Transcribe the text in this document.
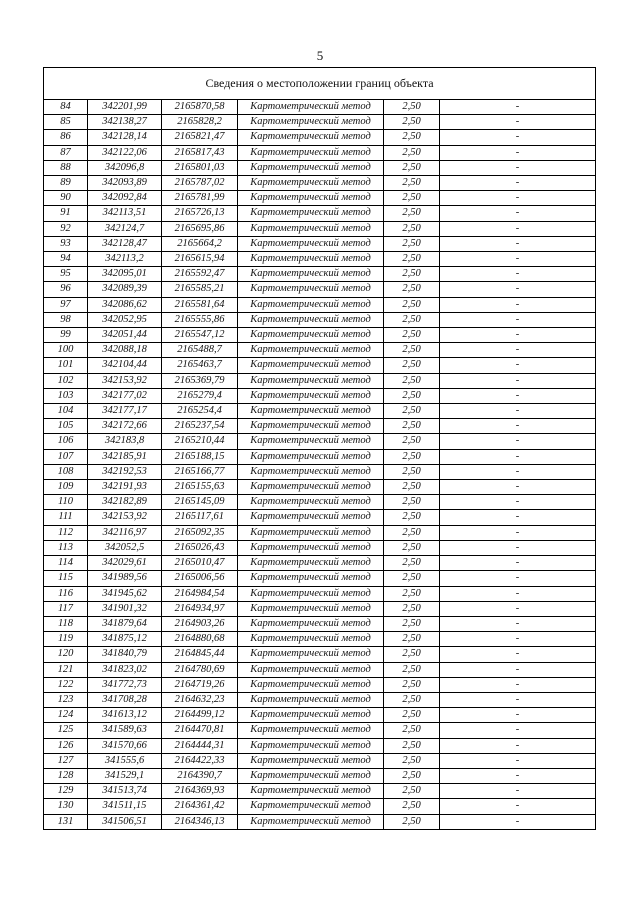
5
Сведения о местоположении границ объекта					
84	342201,99	2165870,58	Картометрический метод	2,50	-
85	342138,27	2165828,2	Картометрический метод	2,50	-
86	342128,14	2165821,47	Картометрический метод	2,50	-
87	342122,06	2165817,43	Картометрический метод	2,50	-
88	342096,8	2165801,03	Картометрический метод	2,50	-
89	342093,89	2165787,02	Картометрический метод	2,50	-
90	342092,84	2165781,99	Картометрический метод	2,50	-
91	342113,51	2165726,13	Картометрический метод	2,50	-
92	342124,7	2165695,86	Картометрический метод	2,50	-
93	342128,47	2165664,2	Картометрический метод	2,50	-
94	342113,2	2165615,94	Картометрический метод	2,50	-
95	342095,01	2165592,47	Картометрический метод	2,50	-
96	342089,39	2165585,21	Картометрический метод	2,50	-
97	342086,62	2165581,64	Картометрический метод	2,50	-
98	342052,95	2165555,86	Картометрический метод	2,50	-
99	342051,44	2165547,12	Картометрический метод	2,50	-
100	342088,18	2165488,7	Картометрический метод	2,50	-
101	342104,44	2165463,7	Картометрический метод	2,50	-
102	342153,92	2165369,79	Картометрический метод	2,50	-
103	342177,02	2165279,4	Картометрический метод	2,50	-
104	342177,17	2165254,4	Картометрический метод	2,50	-
105	342172,66	2165237,54	Картометрический метод	2,50	-
106	342183,8	2165210,44	Картометрический метод	2,50	-
107	342185,91	2165188,15	Картометрический метод	2,50	-
108	342192,53	2165166,77	Картометрический метод	2,50	-
109	342191,93	2165155,63	Картометрический метод	2,50	-
110	342182,89	2165145,09	Картометрический метод	2,50	-
111	342153,92	2165117,61	Картометрический метод	2,50	-
112	342116,97	2165092,35	Картометрический метод	2,50	-
113	342052,5	2165026,43	Картометрический метод	2,50	-
114	342029,61	2165010,47	Картометрический метод	2,50	-
115	341989,56	2165006,56	Картометрический метод	2,50	-
116	341945,62	2164984,54	Картометрический метод	2,50	-
117	341901,32	2164934,97	Картометрический метод	2,50	-
118	341879,64	2164903,26	Картометрический метод	2,50	-
119	341875,12	2164880,68	Картометрический метод	2,50	-
120	341840,79	2164845,44	Картометрический метод	2,50	-
121	341823,02	2164780,69	Картометрический метод	2,50	-
122	341772,73	2164719,26	Картометрический метод	2,50	-
123	341708,28	2164632,23	Картометрический метод	2,50	-
124	341613,12	2164499,12	Картометрический метод	2,50	-
125	341589,63	2164470,81	Картометрический метод	2,50	-
126	341570,66	2164444,31	Картометрический метод	2,50	-
127	341555,6	2164422,33	Картометрический метод	2,50	-
128	341529,1	2164390,7	Картометрический метод	2,50	-
129	341513,74	2164369,93	Картометрический метод	2,50	-
130	341511,15	2164361,42	Картометрический метод	2,50	-
131	341506,51	2164346,13	Картометрический метод	2,50	-
